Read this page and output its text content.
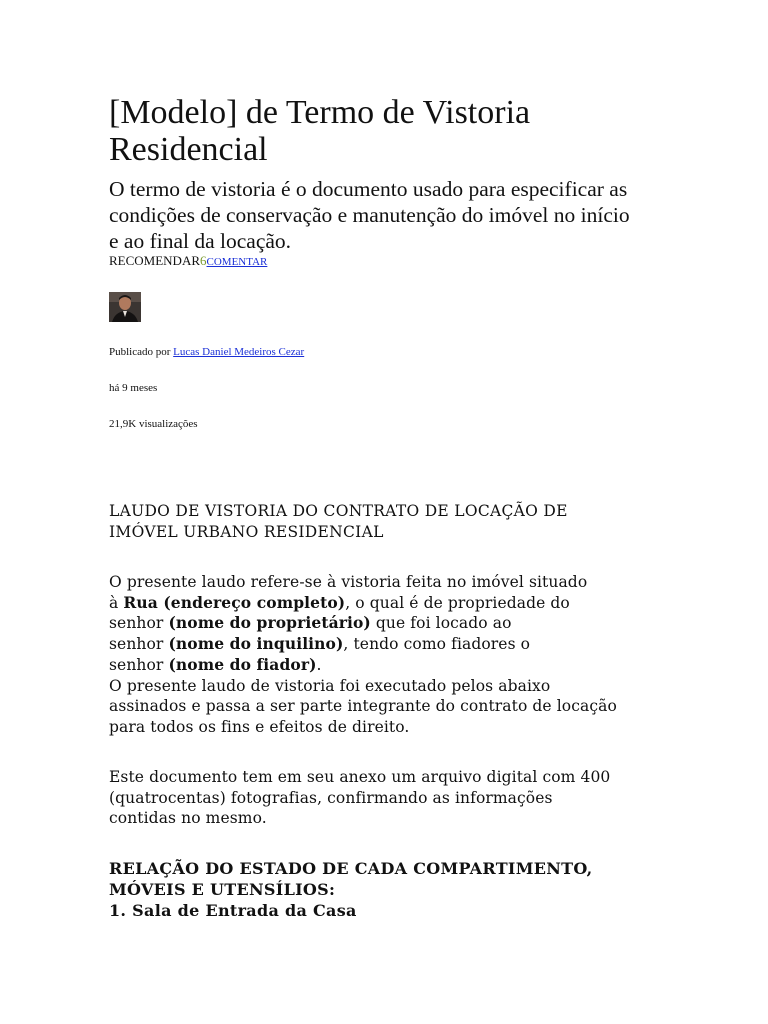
[Modelo] de Termo de Vistoria
Residencial

O termo de vistoria é o documento usado para especificar as condições de conservação e manutenção do imóvel no início e ao final da locação.

RECOMENDAR6COMENTAR
Publicado por Lucas Daniel Medeiros Cezar
há 9 meses
21,9K visualizações
LAUDO DE VISTORIA DO CONTRATO DE LOCAÇÃO DE
IMÓVEL URBANO RESIDENCIAL

O presente laudo refere-se à vistoria feita no imóvel situado
à Rua (endereço completo), o qual é de propriedade do
senhor (nome do proprietário) que foi locado ao
senhor (nome do inquilino), tendo como fiadores o
senhor (nome do fiador).
O presente laudo de vistoria foi executado pelos abaixo
assinados e passa a ser parte integrante do contrato de locação
para todos os fins e efeitos de direito.

Este documento tem em seu anexo um arquivo digital com 400
(quatrocentas) fotografias, confirmando as informações
contidas no mesmo.

RELAÇÃO DO ESTADO DE CADA COMPARTIMENTO,
MÓVEIS E UTENSÍLIOS:
1. Sala de Entrada da Casa
